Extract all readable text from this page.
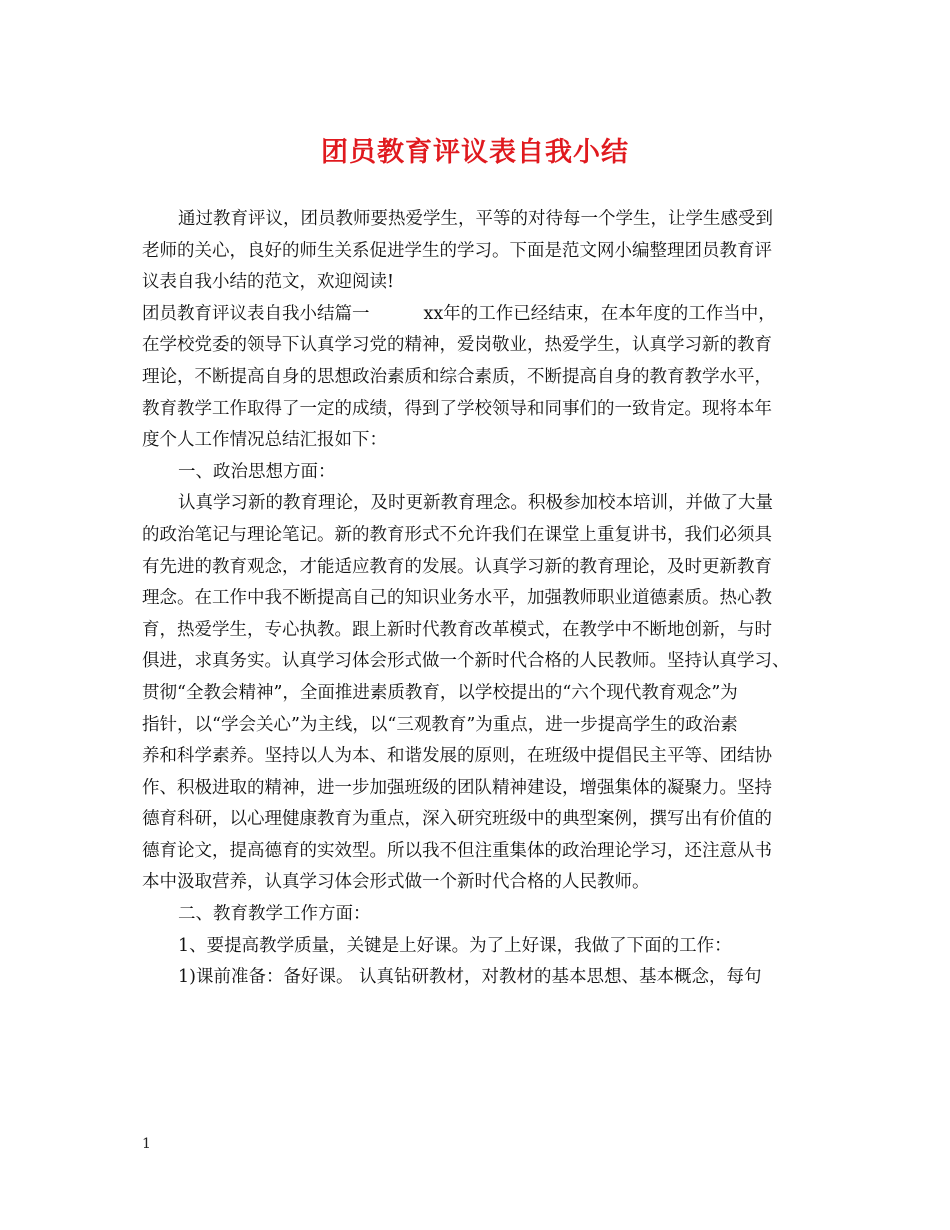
团员教育评议表自我小结
通过教育评议，团员教师要热爱学生，平等的对待每一个学生，让学生感受到
老师的关心，良好的师生关系促进学生的学习。下面是范文网小编整理团员教育评
议表自我小结的范文，欢迎阅读!
团员教育评议表自我小结篇一	xx年的工作已经结束，在本年度的工作当中，
在学校党委的领导下认真学习党的精神，爱岗敬业，热爱学生，认真学习新的教育
理论，不断提高自身的思想政治素质和综合素质，不断提高自身的教育教学水平，
教育教学工作取得了一定的成绩，得到了学校领导和同事们的一致肯定。现将本年
度个人工作情况总结汇报如下：
一、政治思想方面：
认真学习新的教育理论，及时更新教育理念。积极参加校本培训，并做了大量
的政治笔记与理论笔记。新的教育形式不允许我们在课堂上重复讲书，我们必须具
有先进的教育观念，才能适应教育的发展。认真学习新的教育理论，及时更新教育
理念。在工作中我不断提高自己的知识业务水平，加强教师职业道德素质。热心教
育，热爱学生，专心执教。跟上新时代教育改革模式，在教学中不断地创新，与时
俱进，求真务实。认真学习体会形式做一个新时代合格的人民教师。坚持认真学习、
贯彻“全教会精神”，全面推进素质教育，以学校提出的“六个现代教育观念”为
指针，以“学会关心”为主线，以“三观教育”为重点，进一步提高学生的政治素
养和科学素养。坚持以人为本、和谐发展的原则，在班级中提倡民主平等、团结协
作、积极进取的精神，进一步加强班级的团队精神建设，增强集体的凝聚力。坚持
德育科研，以心理健康教育为重点，深入研究班级中的典型案例，撰写出有价值的
德育论文，提高德育的实效型。所以我不但注重集体的政治理论学习，还注意从书
本中汲取营养，认真学习体会形式做一个新时代合格的人民教师。
二、教育教学工作方面：
1、要提高教学质量，关键是上好课。为了上好课，我做了下面的工作：
1)课前准备：备好课。 认真钻研教材，对教材的基本思想、基本概念，每句
1
